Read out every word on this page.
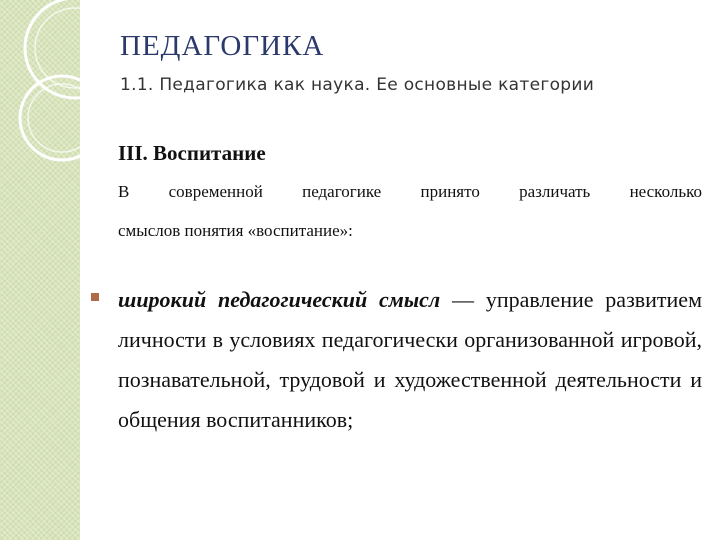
ПЕДАГОГИКА
1.1. Педагогика как наука. Ее основные категории
III. Воспитание
В современной педагогике принято различать несколько
смыслов понятия «воспитание»:
широкий педагогический смысл — управление развитием личности в условиях педагогически организованной игровой, познавательной, трудовой и художественной деятельности и общения воспитанников;
